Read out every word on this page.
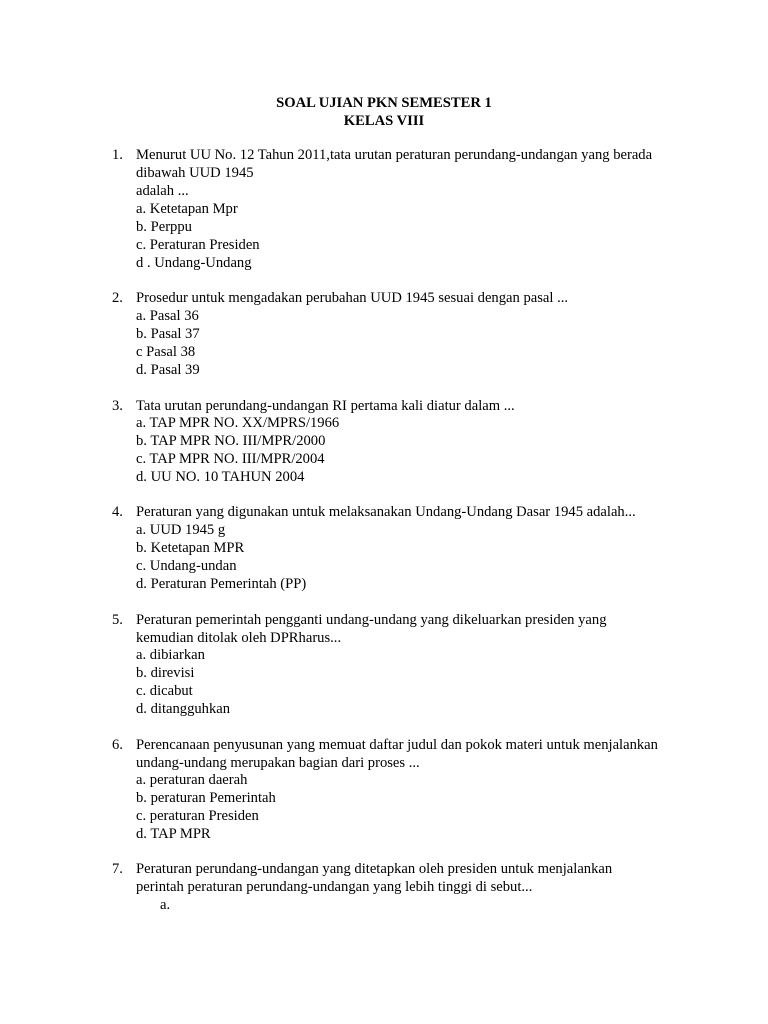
SOAL UJIAN PKN SEMESTER 1
KELAS VIII
1. Menurut UU No. 12 Tahun 2011,tata urutan peraturan perundang-undangan yang berada
dibawah UUD 1945
adalah ...
a. Ketetapan Mpr
b. Perppu
c. Peraturan Presiden
d . Undang-Undang
2. Prosedur untuk mengadakan perubahan UUD 1945 sesuai dengan pasal ...
a. Pasal 36
b. Pasal 37
c Pasal 38
d. Pasal 39
3. Tata urutan perundang-undangan RI pertama kali diatur dalam ...
a. TAP MPR NO. XX/MPRS/1966
b. TAP MPR NO. III/MPR/2000
c. TAP MPR NO. III/MPR/2004
d. UU NO. 10 TAHUN 2004
4. Peraturan yang digunakan untuk melaksanakan Undang-Undang Dasar 1945 adalah...
a. UUD 1945 g
b. Ketetapan MPR
c. Undang-undan
d. Peraturan Pemerintah (PP)
5. Peraturan pemerintah pengganti undang-undang yang dikeluarkan presiden yang
kemudian ditolak oleh DPRharus...
a. dibiarkan
b. direvisi
c. dicabut
d. ditangguhkan
6. Perencanaan penyusunan yang memuat daftar judul dan pokok materi untuk menjalankan
undang-undang merupakan bagian dari proses ...
a. peraturan daerah
b. peraturan Pemerintah
c. peraturan Presiden
d. TAP MPR
7. Peraturan perundang-undangan yang ditetapkan oleh presiden untuk menjalankan
perintah peraturan perundang-undangan yang lebih tinggi di sebut...
a.
